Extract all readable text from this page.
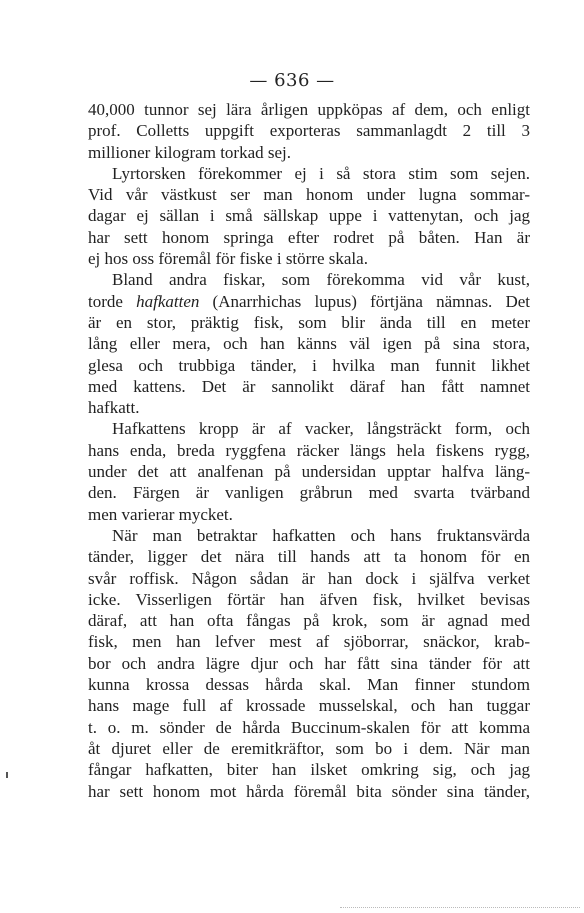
— 636 —
40,000 tunnor sej lära årligen uppköpas af dem, och enligt
prof. Colletts uppgift exporteras sammanlagdt 2 till 3
millioner kilogram torkad sej.
Lyrtorsken förekommer ej i så stora stim som sejen.
Vid vår västkust ser man honom under lugna sommar-
dagar ej sällan i små sällskap uppe i vattenytan, och jag
har sett honom springa efter rodret på båten. Han är
ej hos oss föremål för fiske i större skala.
Bland andra fiskar, som förekomma vid vår kust,
torde hafkatten (Anarrhichas lupus) förtjäna nämnas. Det
är en stor, präktig fisk, som blir ända till en meter
lång eller mera, och han känns väl igen på sina stora,
glesa och trubbiga tänder, i hvilka man funnit likhet
med kattens. Det är sannolikt däraf han fått namnet
hafkatt.
Hafkattens kropp är af vacker, långsträckt form, och
hans enda, breda ryggfena räcker längs hela fiskens rygg,
under det att analfenan på undersidan upptar halfva läng-
den. Färgen är vanligen gråbrun med svarta tvärband
men varierar mycket.
När man betraktar hafkatten och hans fruktansvärda
tänder, ligger det nära till hands att ta honom för en
svår roffisk. Någon sådan är han dock i själfva verket
icke. Visserligen förtär han äfven fisk, hvilket bevisas
däraf, att han ofta fångas på krok, som är agnad med
fisk, men han lefver mest af sjöborrar, snäckor, krab-
bor och andra lägre djur och har fått sina tänder för att
kunna krossa dessas hårda skal. Man finner stundom
hans mage full af krossade musselskal, och han tuggar
t. o. m. sönder de hårda Buccinum-skalen för att komma
åt djuret eller de eremitkräftor, som bo i dem. När man
fångar hafkatten, biter han ilsket omkring sig, och jag
har sett honom mot hårda föremål bita sönder sina tänder,
